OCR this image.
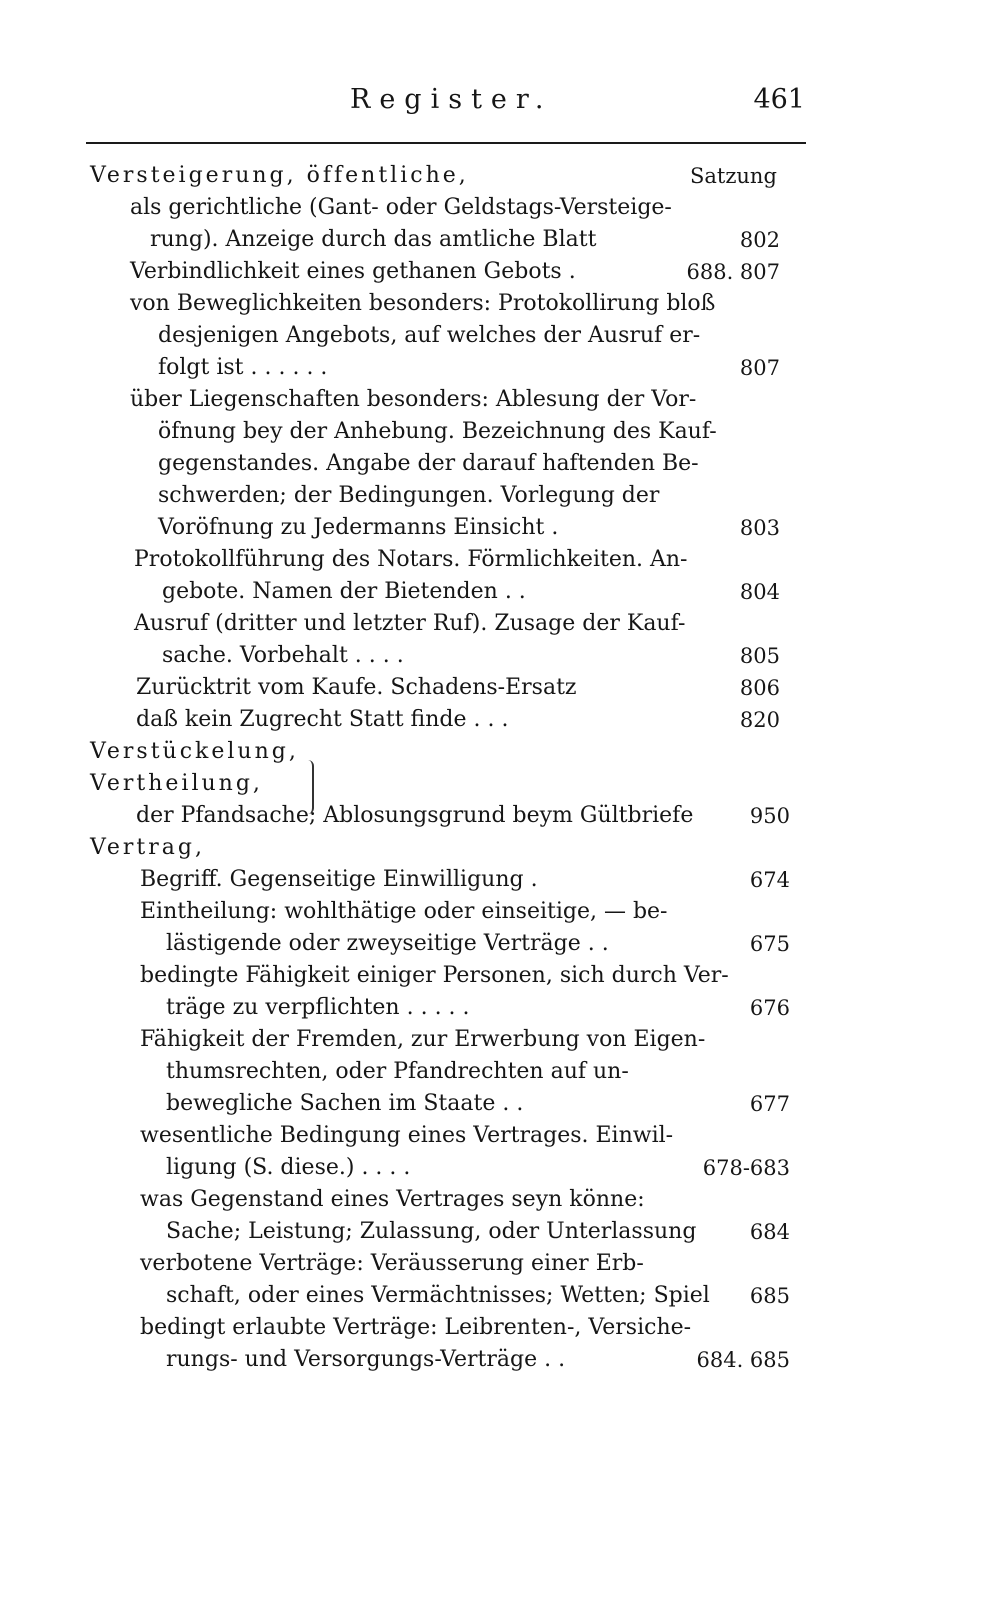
Register.	461
Versteigerung, öffentliche,	Satzung
als gerichtliche (Gant- oder Geldstags-Versteige-
rung). Anzeige durch das amtliche Blatt	802
Verbindlichkeit eines gethanen Gebots .	688. 807
von Beweglichkeiten besonders: Protokollirung bloß
desjenigen Angebots, auf welches der Ausruf er-
folgt ist . . . . . .	807
über Liegenschaften besonders: Ablesung der Vor-
öfnung bey der Anhebung. Bezeichnung des Kauf-
gegenstandes. Angabe der darauf haftenden Be-
schwerden; der Bedingungen. Vorlegung der
Voröfnung zu Jedermanns Einsicht .	803
Protokollführung des Notars. Förmlichkeiten. An-
gebote. Namen der Bietenden . .	804
Ausruf (dritter und letzter Ruf). Zusage der Kauf-
sache. Vorbehalt . . . .	805
Zurücktrit vom Kaufe. Schadens-Ersatz	806
daß kein Zugrecht Statt finde . . .	820
Verstückelung,
Vertheilung,
der Pfandsache; Ablosungsgrund beym Gültbriefe	950
Vertrag,
Begriff. Gegenseitige Einwilligung .	674
Eintheilung: wohlthätige oder einseitige, — be-
lästigende oder zweyseitige Verträge . .	675
bedingte Fähigkeit einiger Personen, sich durch Ver-
träge zu verpflichten . . . . .	676
Fähigkeit der Fremden, zur Erwerbung von Eigen-
thumsrechten, oder Pfandrechten auf un-
bewegliche Sachen im Staate . .	677
wesentliche Bedingung eines Vertrages. Einwil-
ligung (S. diese.) . . . .	678-683
was Gegenstand eines Vertrages seyn könne:
Sache; Leistung; Zulassung, oder Unterlassung	684
verbotene Verträge: Veräusserung einer Erb-
schaft, oder eines Vermächtnisses; Wetten; Spiel 685
bedingt erlaubte Verträge: Leibrenten-, Versiche-
rungs- und Versorgungs-Verträge . .	684. 685
